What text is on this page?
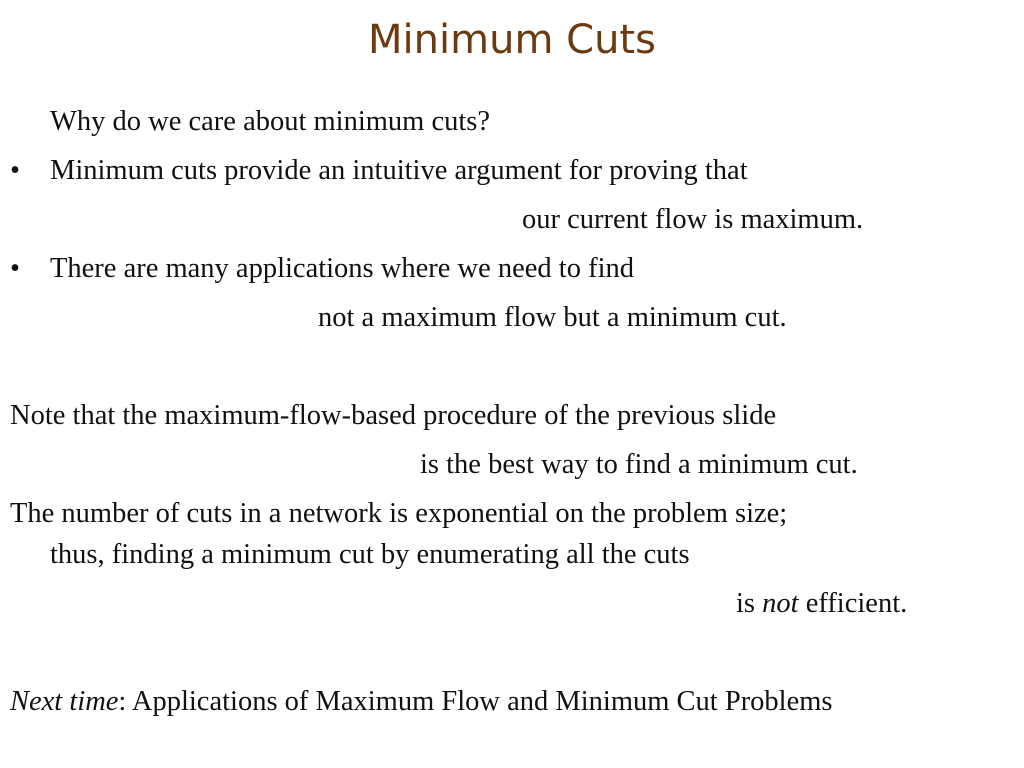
Minimum Cuts
Why do we care about minimum cuts?
• Minimum cuts provide an intuitive argument for proving that
our current flow is maximum.
• There are many applications where we need to find
not a maximum flow but a minimum cut.
Note that the maximum-flow-based procedure of the previous slide
is the best way to find a minimum cut.
The number of cuts in a network is exponential on the problem size;
thus, finding a minimum cut by enumerating all the cuts
is not efficient.
Next time: Applications of Maximum Flow and Minimum Cut Problems
